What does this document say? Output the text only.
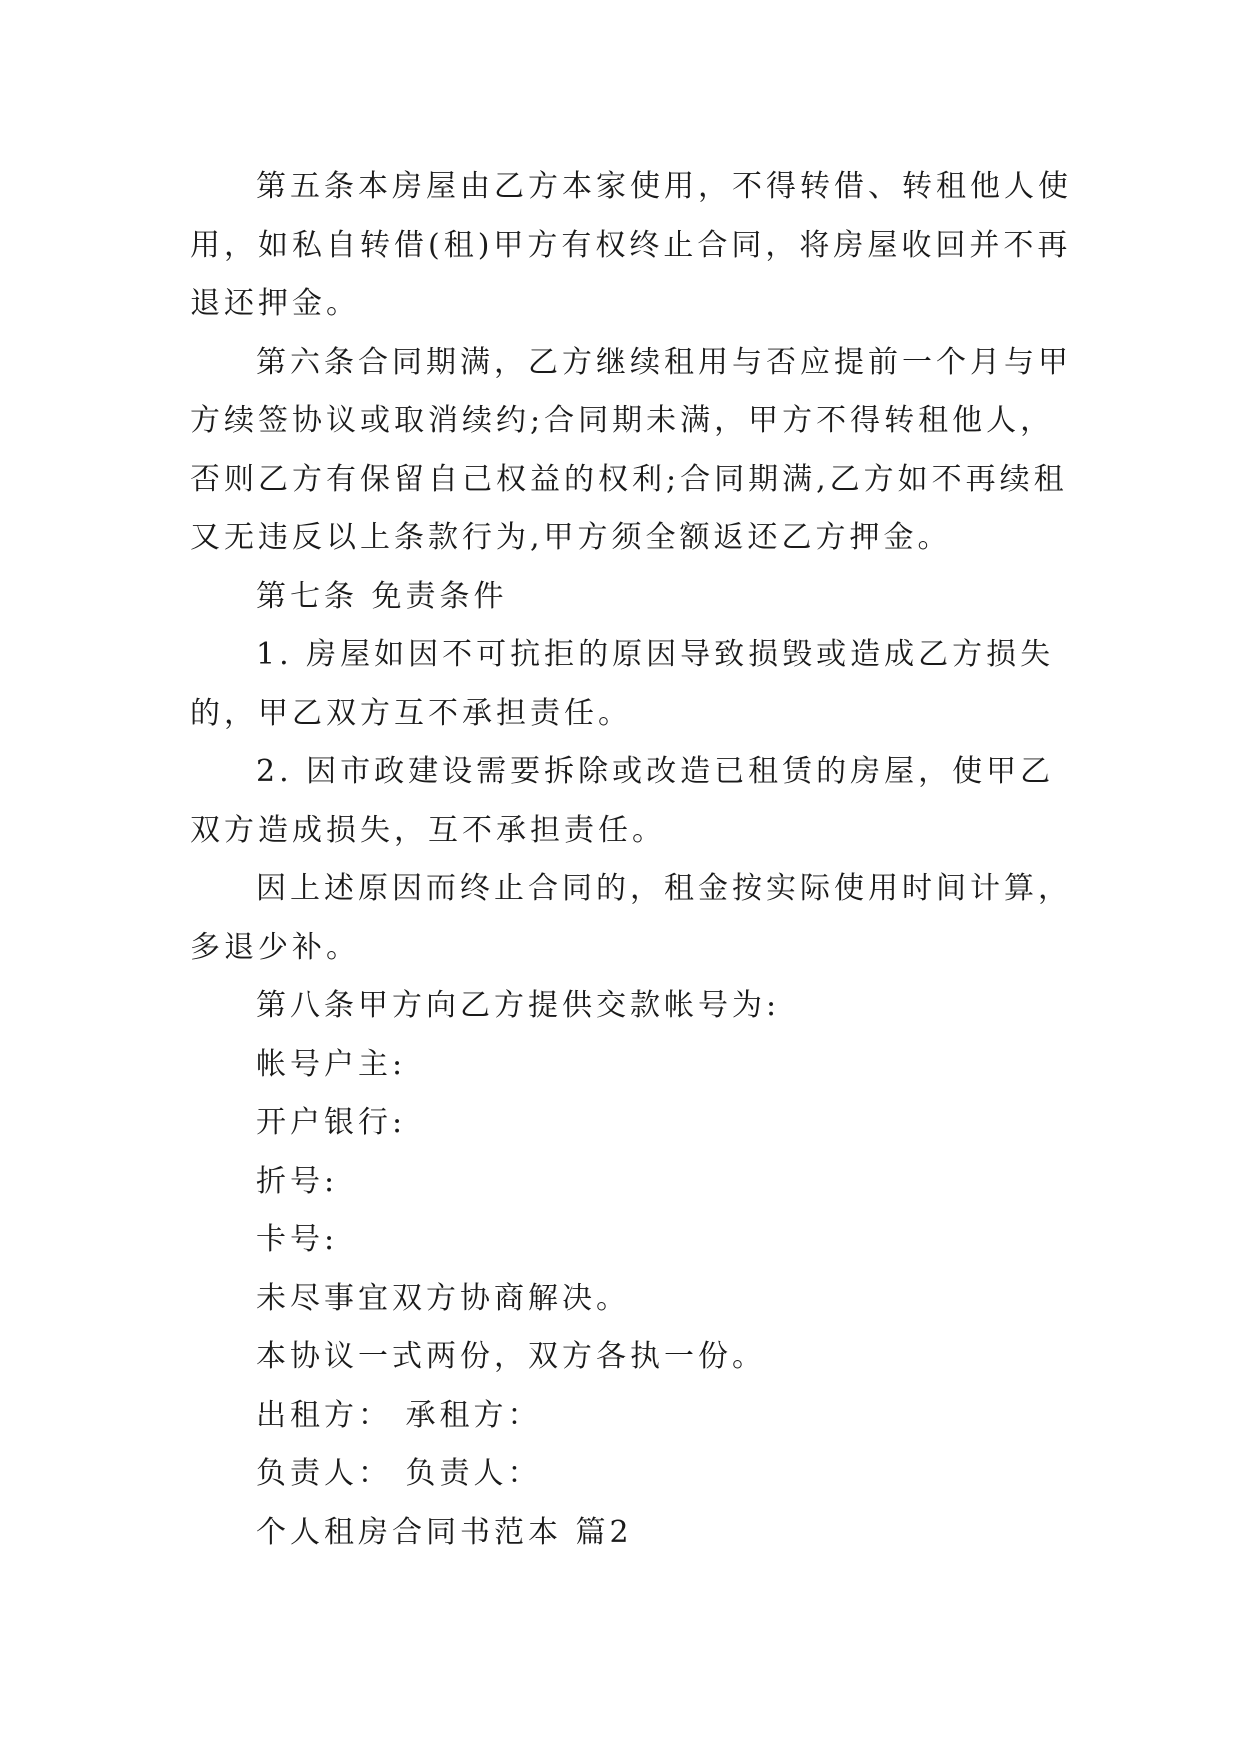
第五条本房屋由乙方本家使用，不得转借、转租他人使
用，如私自转借(租)甲方有权终止合同，将房屋收回并不再
退还押金。

第六条合同期满，乙方继续租用与否应提前一个月与甲
方续签协议或取消续约;合同期未满，甲方不得转租他人，
否则乙方有保留自己权益的权利;合同期满,乙方如不再续租
又无违反以上条款行为,甲方须全额返还乙方押金。

第七条 免责条件

1. 房屋如因不可抗拒的原因导致损毁或造成乙方损失
的，甲乙双方互不承担责任。

2. 因市政建设需要拆除或改造已租赁的房屋，使甲乙
双方造成损失，互不承担责任。

因上述原因而终止合同的，租金按实际使用时间计算，
多退少补。

第八条甲方向乙方提供交款帐号为:

帐号户主:

开户银行:

折号:

卡号:

未尽事宜双方协商解决。

本协议一式两份，双方各执一份。

出租方： 承租方：

负责人： 负责人：

个人租房合同书范本 篇2
